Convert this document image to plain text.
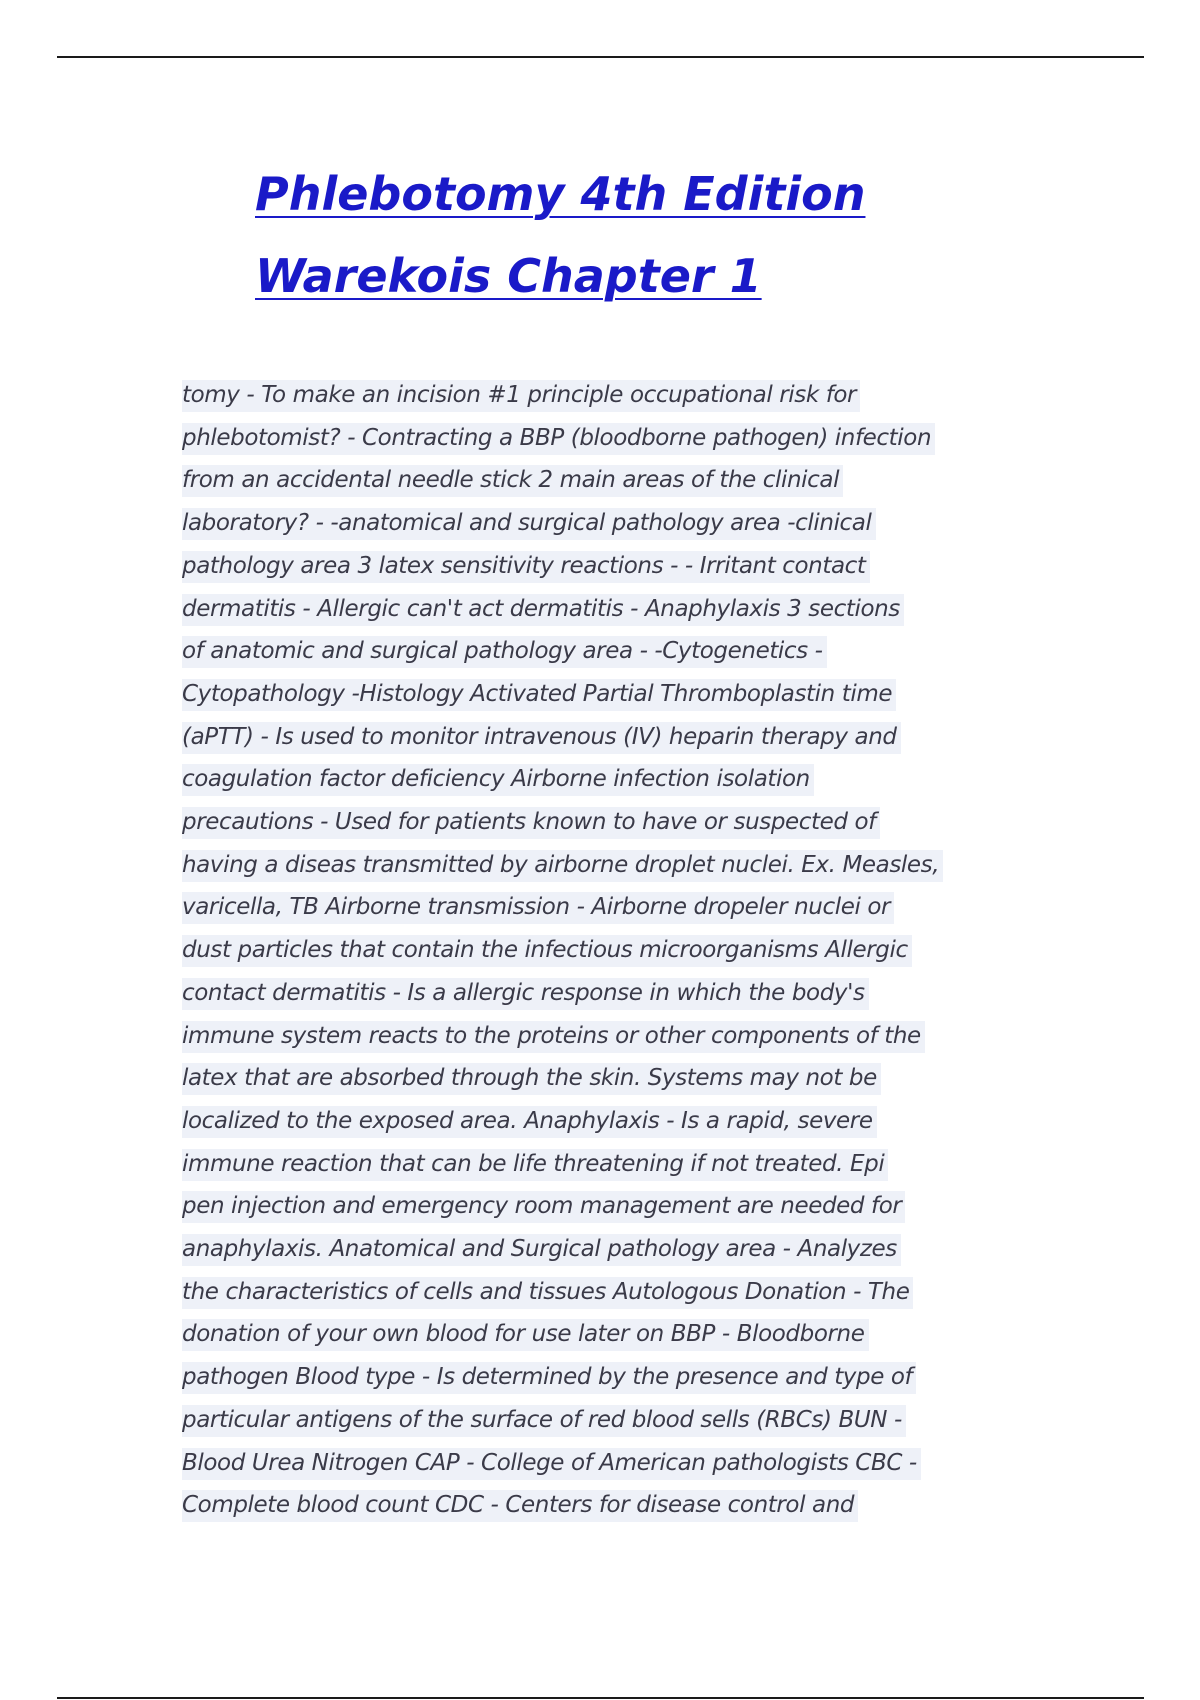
Phlebotomy 4th Edition
Warekois Chapter 1
tomy - To make an incision #1 principle occupational risk for
phlebotomist? - Contracting a BBP (bloodborne pathogen) infection
from an accidental needle stick 2 main areas of the clinical
laboratory? - -anatomical and surgical pathology area -clinical
pathology area 3 latex sensitivity reactions - - Irritant contact
dermatitis - Allergic can't act dermatitis - Anaphylaxis 3 sections
of anatomic and surgical pathology area - -Cytogenetics -
Cytopathology -Histology Activated Partial Thromboplastin time
(aPTT) - Is used to monitor intravenous (IV) heparin therapy and
coagulation factor deficiency Airborne infection isolation
precautions - Used for patients known to have or suspected of
having a diseas transmitted by airborne droplet nuclei. Ex. Measles,
varicella, TB Airborne transmission - Airborne dropeler nuclei or
dust particles that contain the infectious microorganisms Allergic
contact dermatitis - Is a allergic response in which the body's
immune system reacts to the proteins or other components of the
latex that are absorbed through the skin. Systems may not be
localized to the exposed area. Anaphylaxis - Is a rapid, severe
immune reaction that can be life threatening if not treated. Epi
pen injection and emergency room management are needed for
anaphylaxis. Anatomical and Surgical pathology area - Analyzes
the characteristics of cells and tissues Autologous Donation - The
donation of your own blood for use later on BBP - Bloodborne
pathogen Blood type - Is determined by the presence and type of
particular antigens of the surface of red blood sells (RBCs) BUN -
Blood Urea Nitrogen CAP - College of American pathologists CBC -
Complete blood count CDC - Centers for disease control and
